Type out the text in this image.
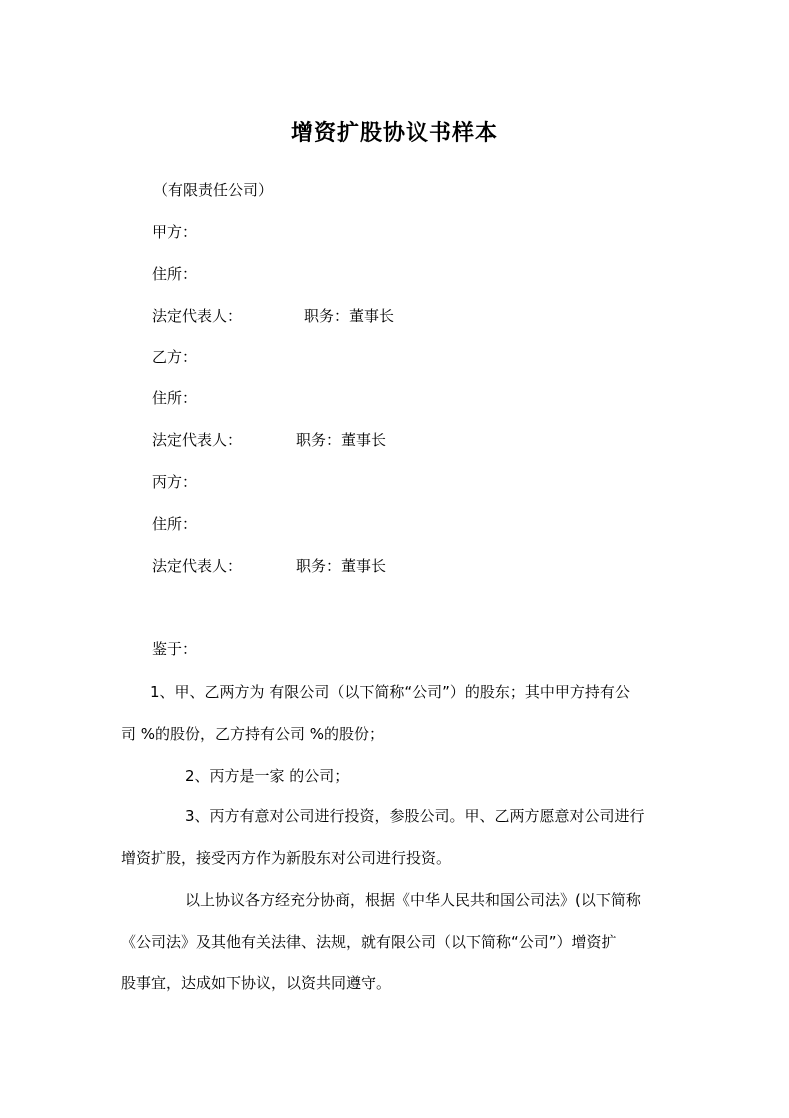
增资扩股协议书样本
（有限责任公司）
甲方：
住所：
法定代表人：	职务：董事长
乙方：
住所：
法定代表人：	职务：董事长
丙方：
住所：
法定代表人：	职务：董事长
鉴于：
1、甲、乙两方为 有限公司（以下简称“公司”）的股东；其中甲方持有公
司 %的股份，乙方持有公司 %的股份；
2、丙方是一家 的公司；
3、丙方有意对公司进行投资，参股公司。甲、乙两方愿意对公司进行
增资扩股，接受丙方作为新股东对公司进行投资。
以上协议各方经充分协商，根据《中华人民共和国公司法》(以下简称
《公司法》及其他有关法律、法规，就有限公司（以下简称“公司”）增资扩
股事宜，达成如下协议，以资共同遵守。
